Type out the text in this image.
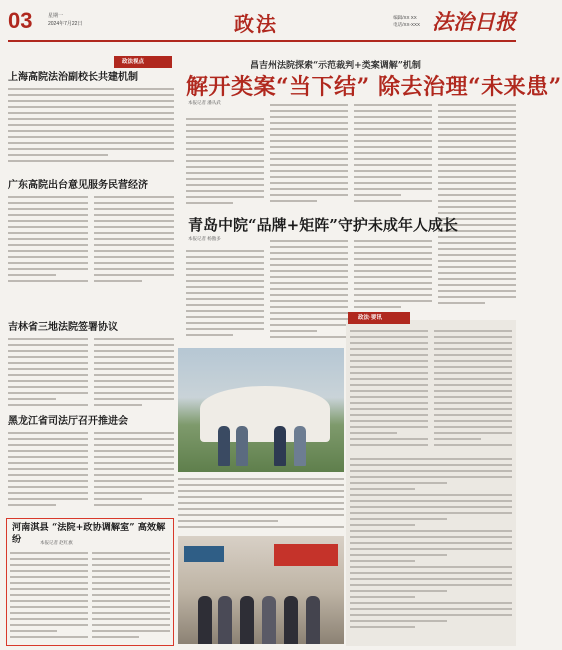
03	星期一
2024年7月22日	政法	编辑/XX XX
电话/XX-XXX 法治日报
政法视点
上海高院法治副校长共建机制
广东高院出台意见服务民营经济
吉林省三地法院签署协议
黑龙江省司法厅召开推进会
河南淇县 “法院+政协调解室” 高效解纷	本报记者 赵红旗
昌吉州法院探索“示范裁判+类案调解”机制
解开类案“当下结” 除去治理“未来患”
本报记者 潘从武
青岛中院“品牌+矩阵”守护未成年人成长
本报记者 杨傲多
政法·要讯
